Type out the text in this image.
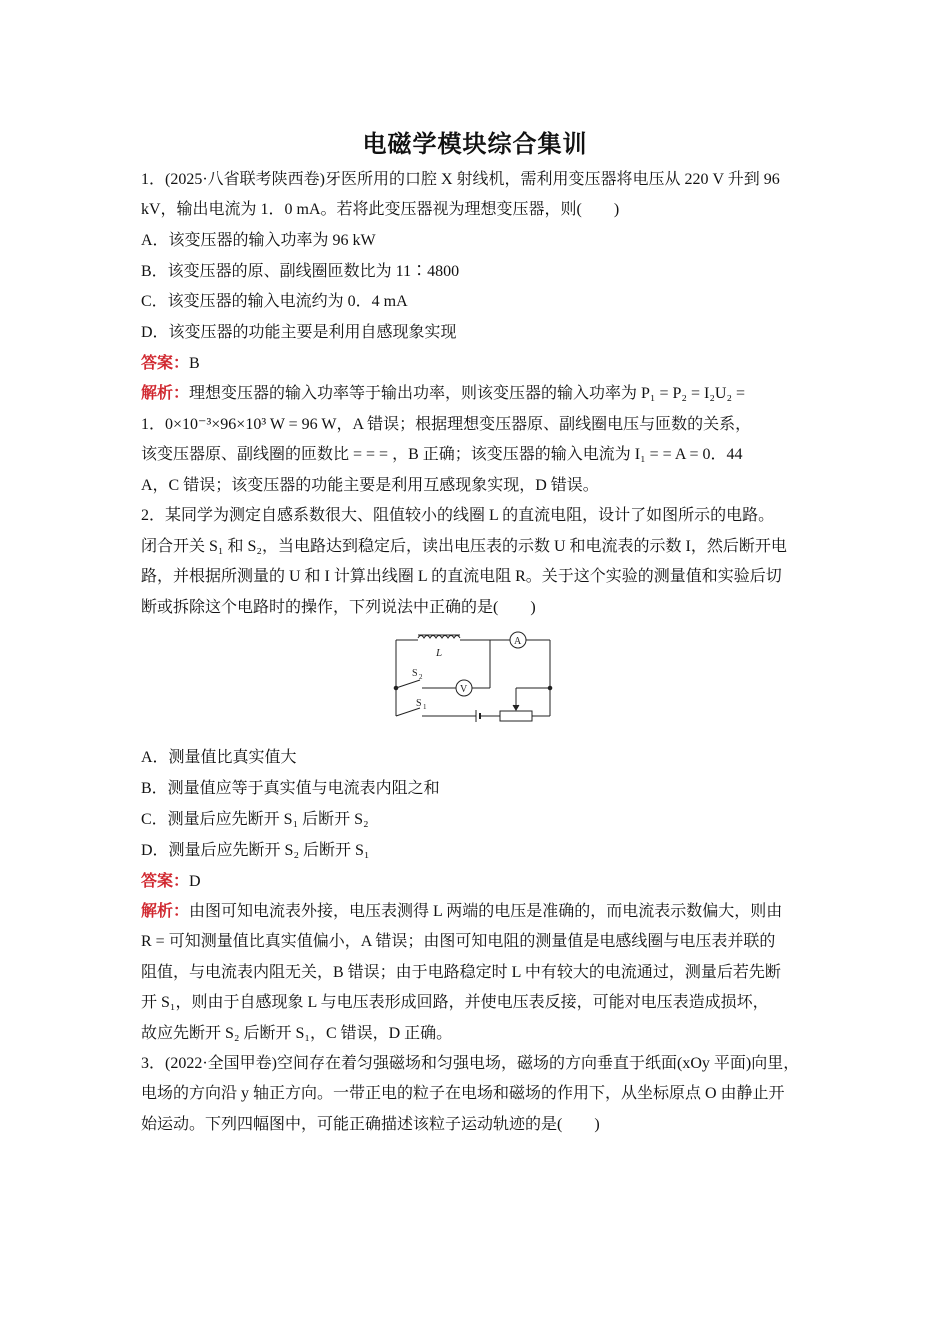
电磁学模块综合集训
1．(2025·八省联考陕西卷)牙医所用的口腔 X 射线机，需利用变压器将电压从 220 V 升到 96
kV，输出电流为 1．0 mA。若将此变压器视为理想变压器，则(　　)
A．该变压器的输入功率为 96 kW
B．该变压器的原、副线圈匝数比为 11∶4800
C．该变压器的输入电流约为 0．4 mA
D．该变压器的功能主要是利用自感现象实现
答案：B
解析：理想变压器的输入功率等于输出功率，则该变压器的输入功率为 P₁ = P₂ = I₂U₂ =
1．0×10⁻³×96×10³ W = 96 W，A 错误；根据理想变压器原、副线圈电压与匝数的关系，
该变压器原、副线圈的匝数比 = = = ，B 正确；该变压器的输入电流为 I₁ = = A = 0．44
A，C 错误；该变压器的功能主要是利用互感现象实现，D 错误。
2．某同学为测定自感系数很大、阻值较小的线圈 L 的直流电阻，设计了如图所示的电路。
闭合开关 S₁ 和 S₂，当电路达到稳定后，读出电压表的示数 U 和电流表的示数 I，然后断开电
路，并根据所测量的 U 和 I 计算出线圈 L 的直流电阻 R。关于这个实验的测量值和实验后切
断或拆除这个电路时的操作，下列说法中正确的是(　　)
L
A
V
S 2
S 1
A．测量值比真实值大
B．测量值应等于真实值与电流表内阻之和
C．测量后应先断开 S₁ 后断开 S₂
D．测量后应先断开 S₂ 后断开 S₁
答案：D
解析：由图可知电流表外接，电压表测得 L 两端的电压是准确的，而电流表示数偏大，则由
R = 可知测量值比真实值偏小，A 错误；由图可知电阻的测量值是电感线圈与电压表并联的
阻值，与电流表内阻无关，B 错误；由于电路稳定时 L 中有较大的电流通过，测量后若先断
开 S₁，则由于自感现象 L 与电压表形成回路，并使电压表反接，可能对电压表造成损坏，
故应先断开 S₂ 后断开 S₁，C 错误，D 正确。
3．(2022·全国甲卷)空间存在着匀强磁场和匀强电场，磁场的方向垂直于纸面(xOy 平面)向里，
电场的方向沿 y 轴正方向。一带正电的粒子在电场和磁场的作用下，从坐标原点 O 由静止开
始运动。下列四幅图中，可能正确描述该粒子运动轨迹的是(　　)
